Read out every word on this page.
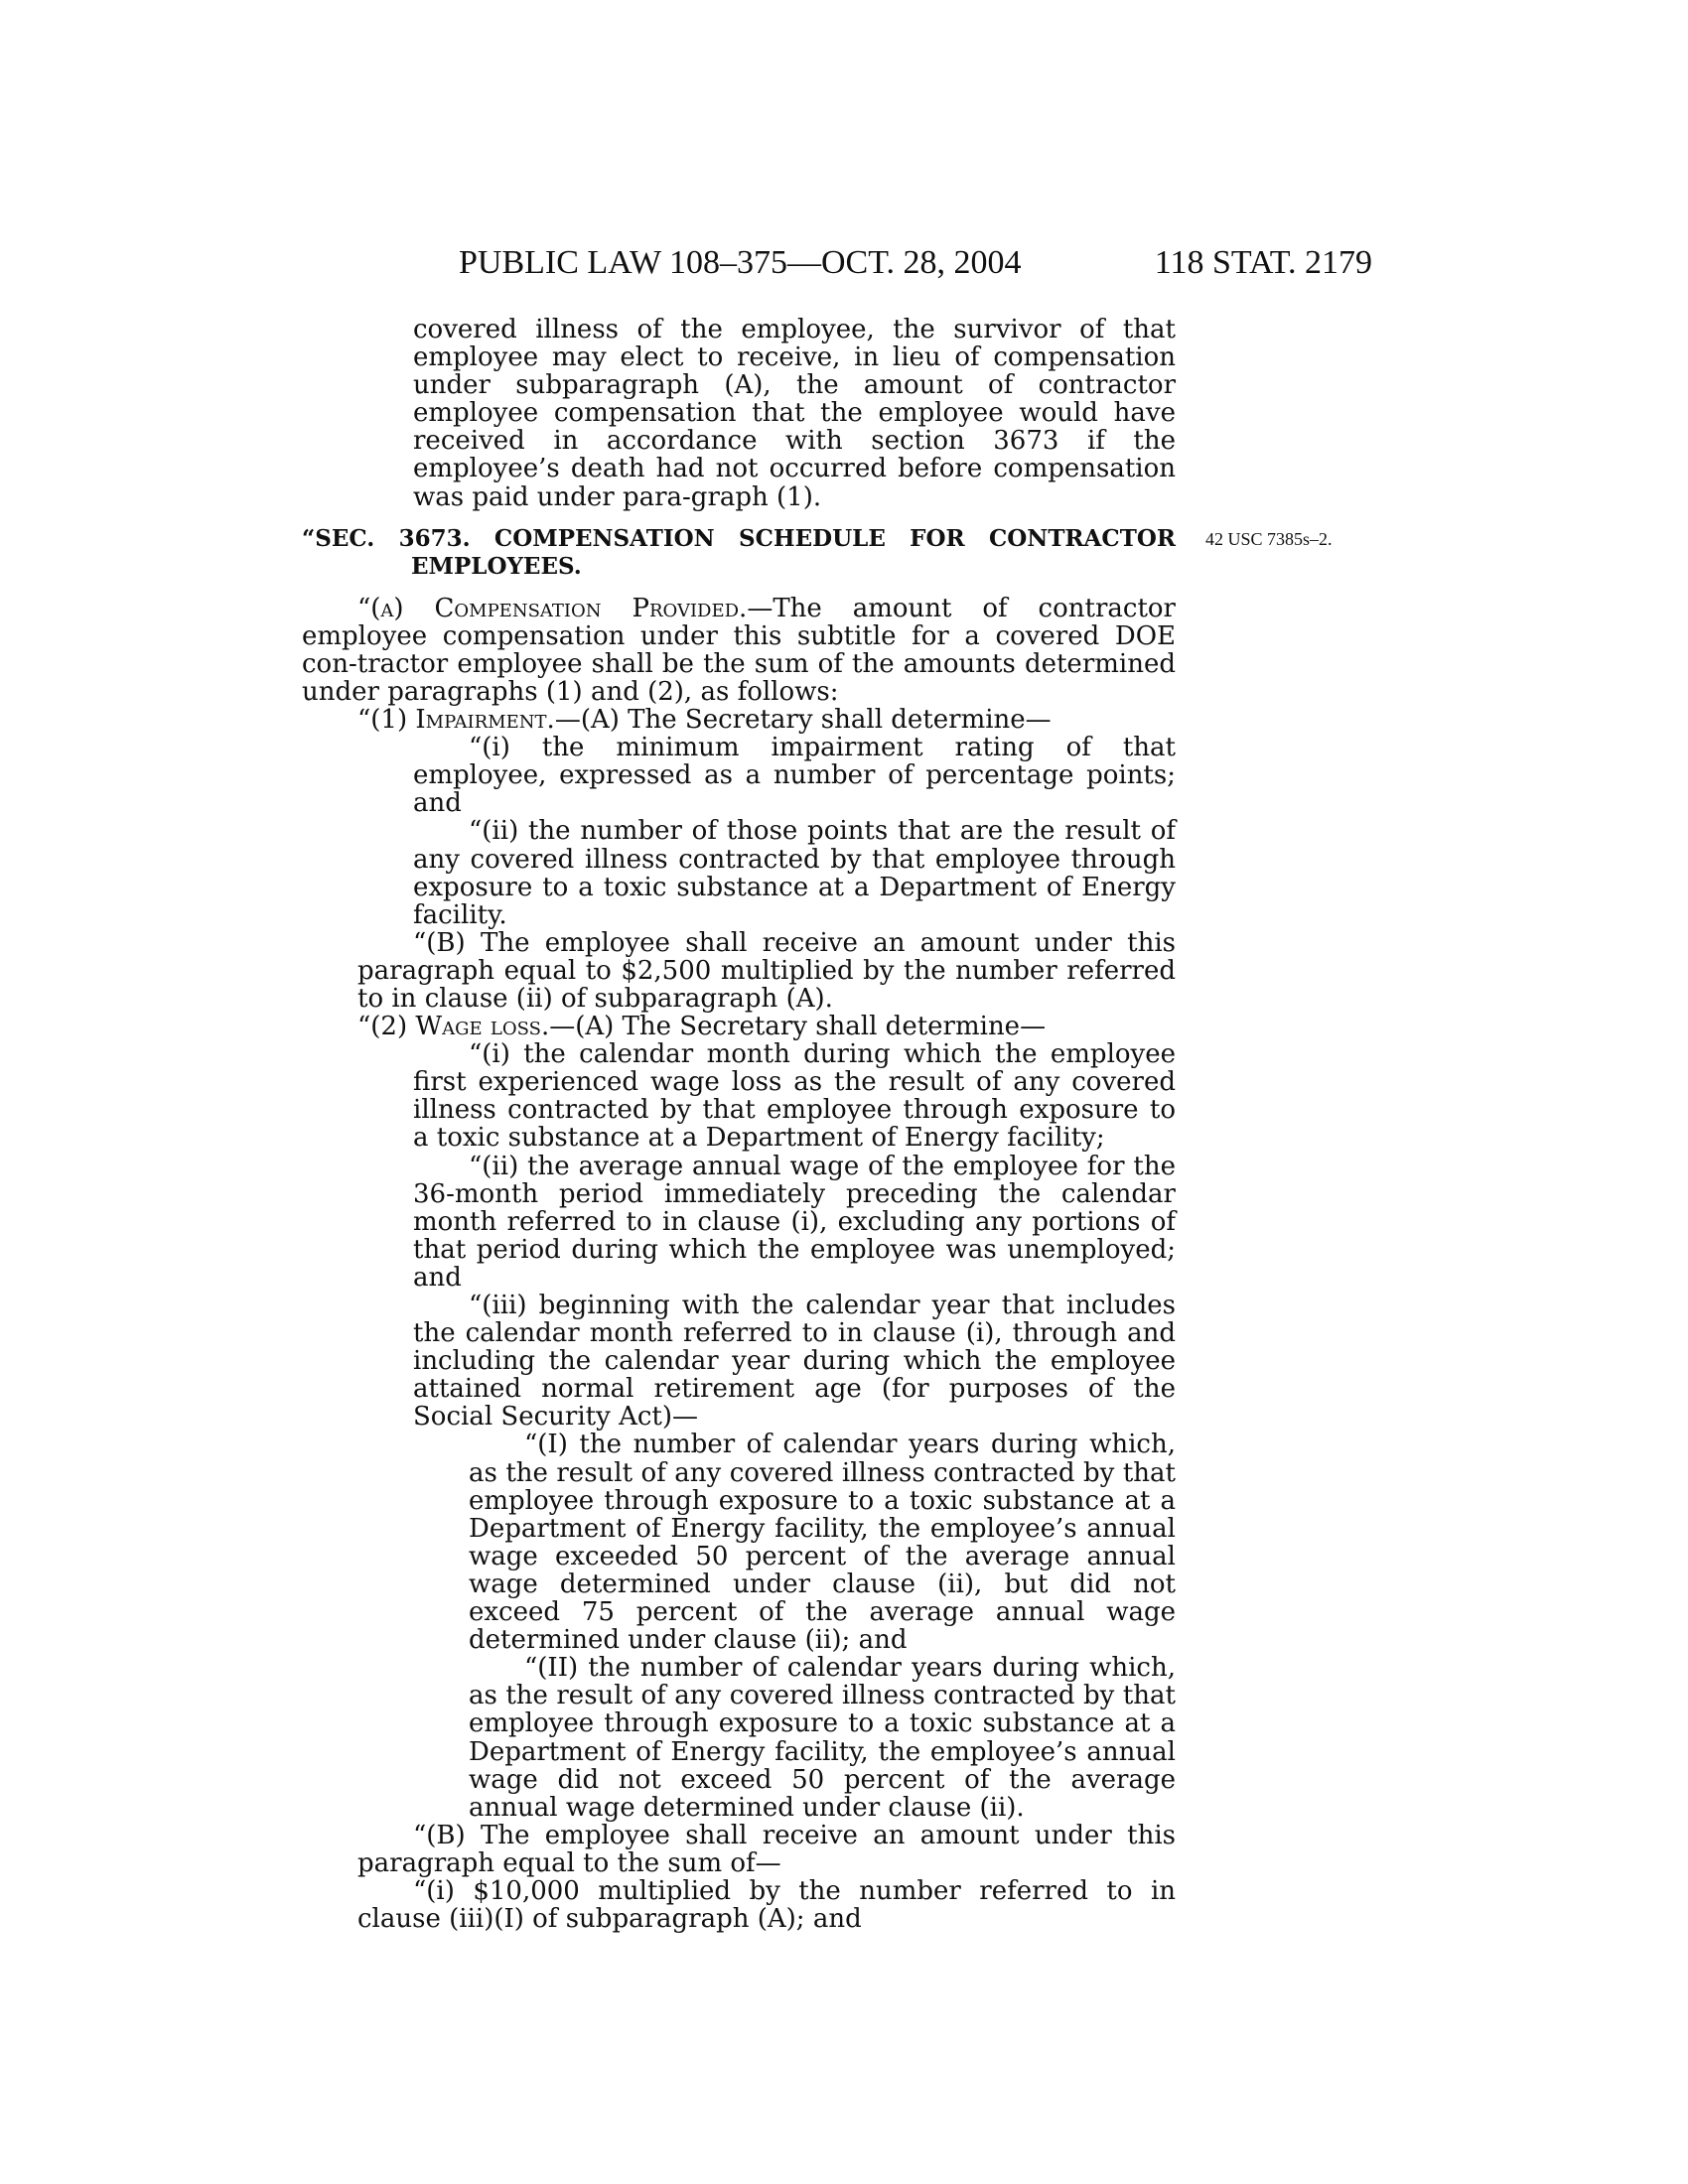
PUBLIC LAW 108–375—OCT. 28, 2004	118 STAT. 2179

covered illness of the employee, the survivor of that employee may elect to receive, in lieu of compensation under subparagraph (A), the amount of contractor employee compensation that the employee would have received in accordance with section 3673 if the employee’s death had not occurred before compensation was paid under para-graph (1).

“SEC. 3673. COMPENSATION SCHEDULE FOR CONTRACTOR
EMPLOYEES.
42 USC 7385s–2.

“(a) Compensation Provided.—The amount of contractor employee compensation under this subtitle for a covered DOE con-tractor employee shall be the sum of the amounts determined under paragraphs (1) and (2), as follows:

“(1) Impairment.—(A) The Secretary shall determine—

“(i) the minimum impairment rating of that employee, expressed as a number of percentage points; and

“(ii) the number of those points that are the result of any covered illness contracted by that employee through exposure to a toxic substance at a Department of Energy facility.

“(B) The employee shall receive an amount under this paragraph equal to $2,500 multiplied by the number referred to in clause (ii) of subparagraph (A).

“(2) Wage loss.—(A) The Secretary shall determine—

“(i) the calendar month during which the employee first experienced wage loss as the result of any covered illness contracted by that employee through exposure to a toxic substance at a Department of Energy facility;

“(ii) the average annual wage of the employee for the 36-month period immediately preceding the calendar month referred to in clause (i), excluding any portions of that period during which the employee was unemployed; and

“(iii) beginning with the calendar year that includes the calendar month referred to in clause (i), through and including the calendar year during which the employee attained normal retirement age (for purposes of the Social Security Act)—

“(I) the number of calendar years during which, as the result of any covered illness contracted by that employee through exposure to a toxic substance at a Department of Energy facility, the employee’s annual wage exceeded 50 percent of the average annual wage determined under clause (ii), but did not exceed 75 percent of the average annual wage determined under clause (ii); and

“(II) the number of calendar years during which, as the result of any covered illness contracted by that employee through exposure to a toxic substance at a Department of Energy facility, the employee’s annual wage did not exceed 50 percent of the average annual wage determined under clause (ii).

“(B) The employee shall receive an amount under this paragraph equal to the sum of—

“(i) $10,000 multiplied by the number referred to in clause (iii)(I) of subparagraph (A); and
